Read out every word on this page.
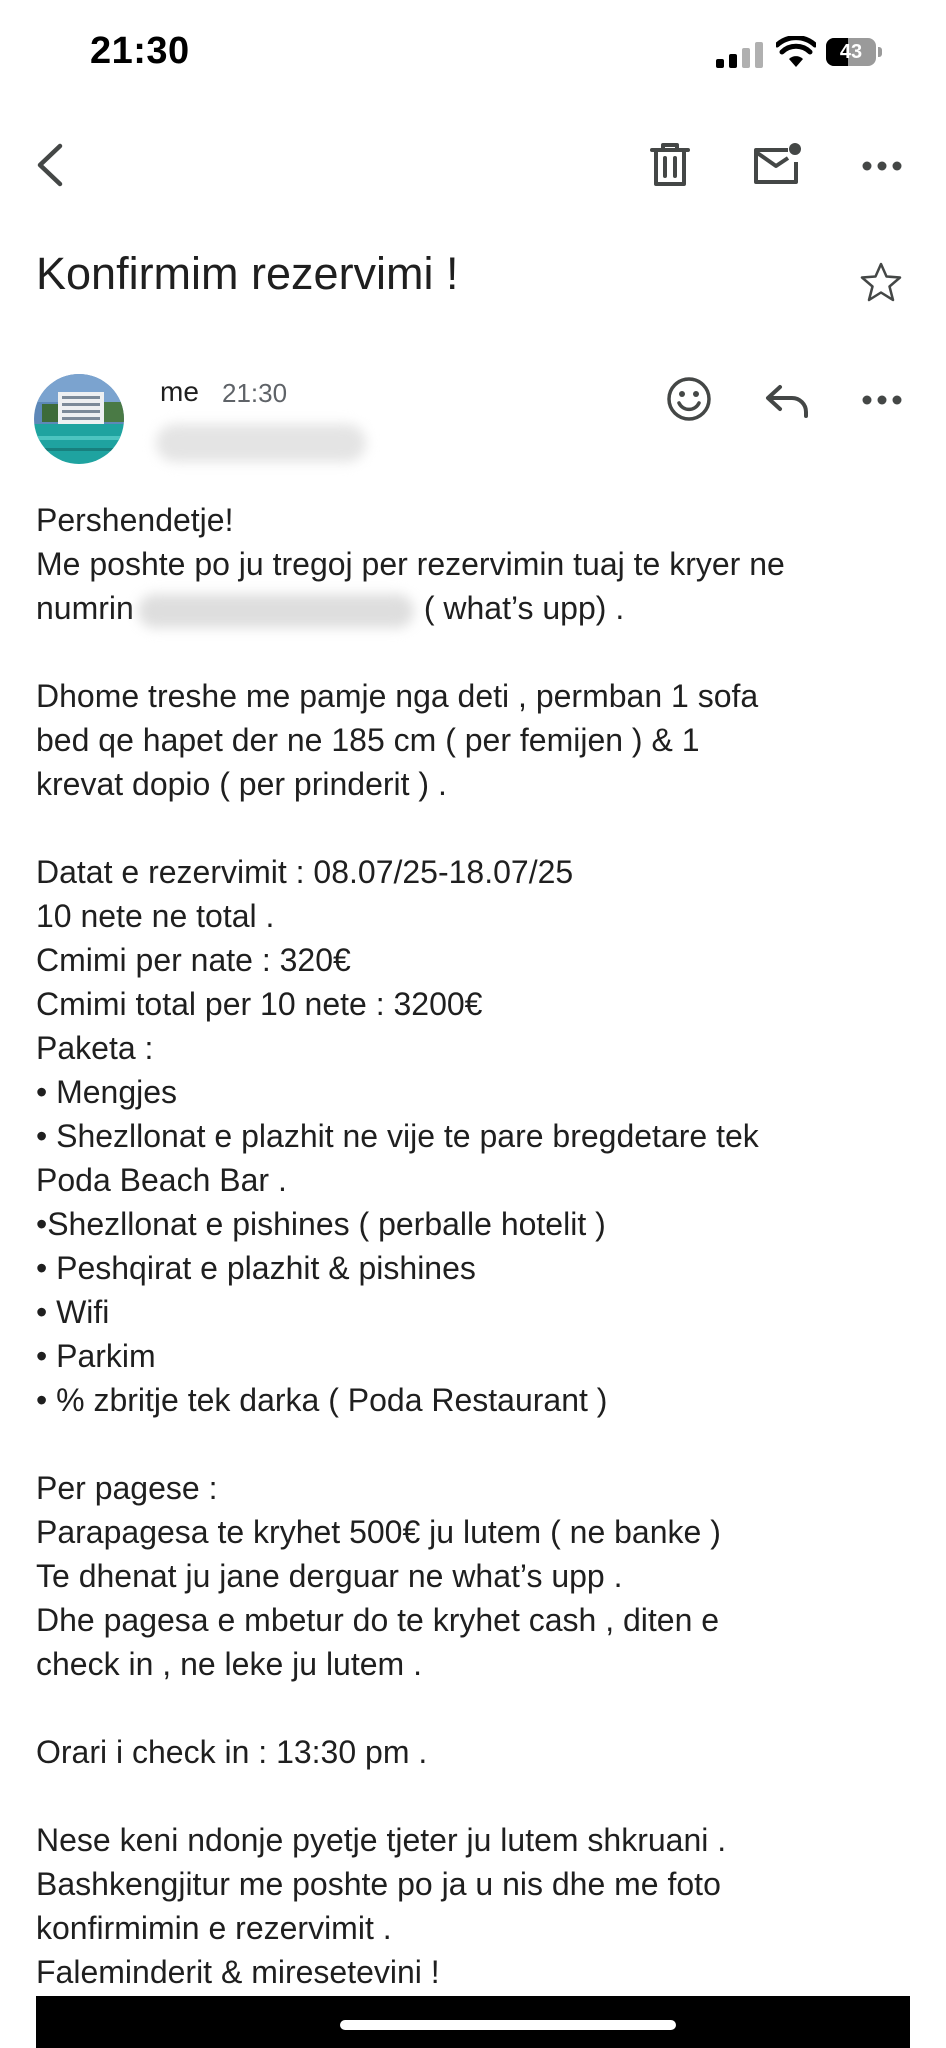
21:30	43
Konfirmim rezervimi !
me 21:30
Pershendetje!
Me poshte po ju tregoj per rezervimin tuaj te kryer ne
numrin	( what’s upp) .
Dhome treshe me pamje nga deti , permban 1 sofa
bed qe hapet der ne 185 cm ( per femijen ) & 1
krevat dopio ( per prinderit ) .
Datat e rezervimit : 08.07/25-18.07/25
10 nete ne total .
Cmimi per nate : 320€
Cmimi total per 10 nete : 3200€
Paketa :
• Mengjes
• Shezllonat e plazhit ne vije te pare bregdetare tek
Poda Beach Bar .
•Shezllonat e pishines ( perballe hotelit )
• Peshqirat e plazhit & pishines
• Wifi
• Parkim
• % zbritje tek darka ( Poda Restaurant )
Per pagese :
Parapagesa te kryhet 500€ ju lutem ( ne banke )
Te dhenat ju jane derguar ne what’s upp .
Dhe pagesa e mbetur do te kryhet cash , diten e
check in , ne leke ju lutem .
Orari i check in : 13:30 pm .
Nese keni ndonje pyetje tjeter ju lutem shkruani .
Bashkengjitur me poshte po ja u nis dhe me foto
konfirmimin e rezervimit .
Faleminderit & miresetevini !
